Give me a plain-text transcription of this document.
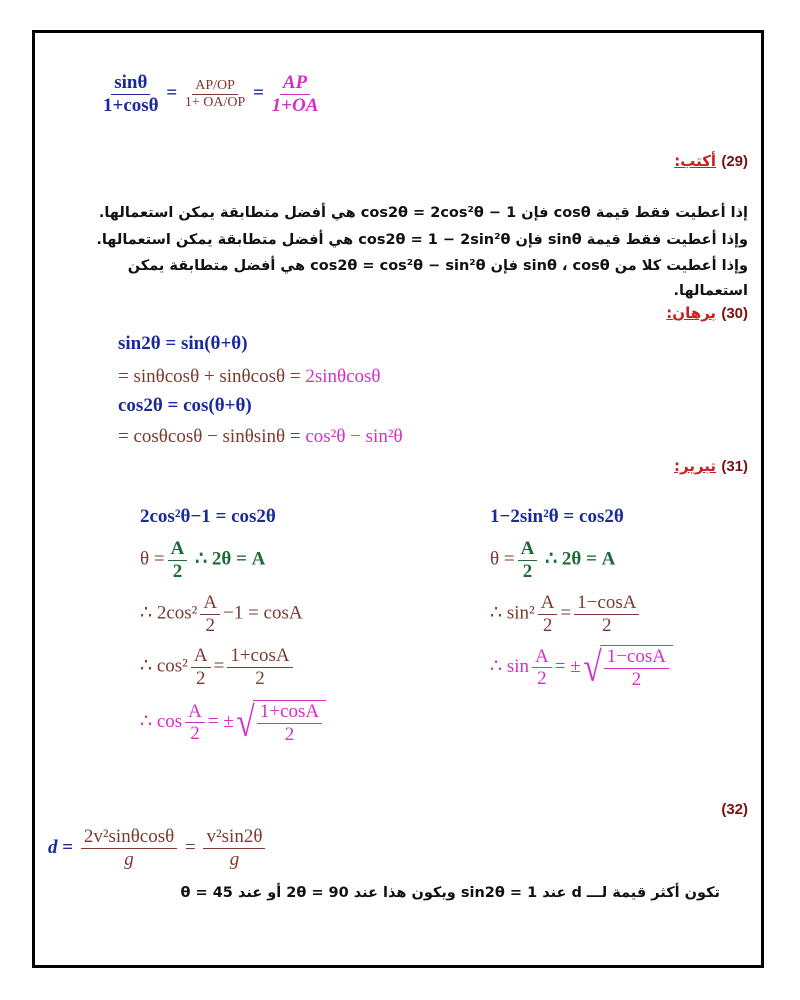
$\frac{\sin\theta}{1+\cos\theta} = \frac{AP/OP}{1+ OA/OP} = \frac{AP}{1+OA}$
(29) أكتب:
إذا أعطيت فقط قيمة cosθ فإن cos2θ = 2cos²θ − 1 هي أفضل متطابقة يمكن استعمالها.
وإذا أعطيت فقط قيمة sinθ فإن cos2θ = 1 − 2sin²θ هي أفضل متطابقة يمكن استعمالها.
وإذا أعطيت كلا من sinθ ، cosθ فإن cos2θ = cos²θ − sin²θ هي أفضل متطابقة يمكن
استعمالها.
(30) برهان:
sin2θ = sin(θ+θ)
= sinθcosθ + sinθcosθ = 2sinθcosθ
cos2θ = cos(θ+θ)
= cosθcosθ − sinθsinθ = cos²θ − sin²θ
(31) تبرير:
2cos²θ−1 = cos2θ
$\theta = \frac{A}{2}$ ∴ 2θ = A
∴ $2\cos^2 \frac{A}{2} -1 = \cos A$
∴ $\cos^2 \frac{A}{2} = \frac{1+\cos A}{2}$
∴ $\cos \frac{A}{2}$ = ± √
$\frac{1+\cos A}{2}$
1−2sin²θ = cos2θ
$\theta = \frac{A}{2}$ ∴ 2θ = A
∴ $\sin^2 \frac{A}{2} = \frac{1-\cos A}{2}$
∴ $\sin \frac{A}{2}$ = ± √
$\frac{1-\cos A}{2}$
(32)
$d = \frac{\text{2v²sinθcosθ}}{g} = \frac{\text{v²sin2θ}}{g}$
تكون أكثر قيمة لـــ d عند sin2θ = 1 ويكون هذا عند 2θ = 90 أو عند θ = 45
